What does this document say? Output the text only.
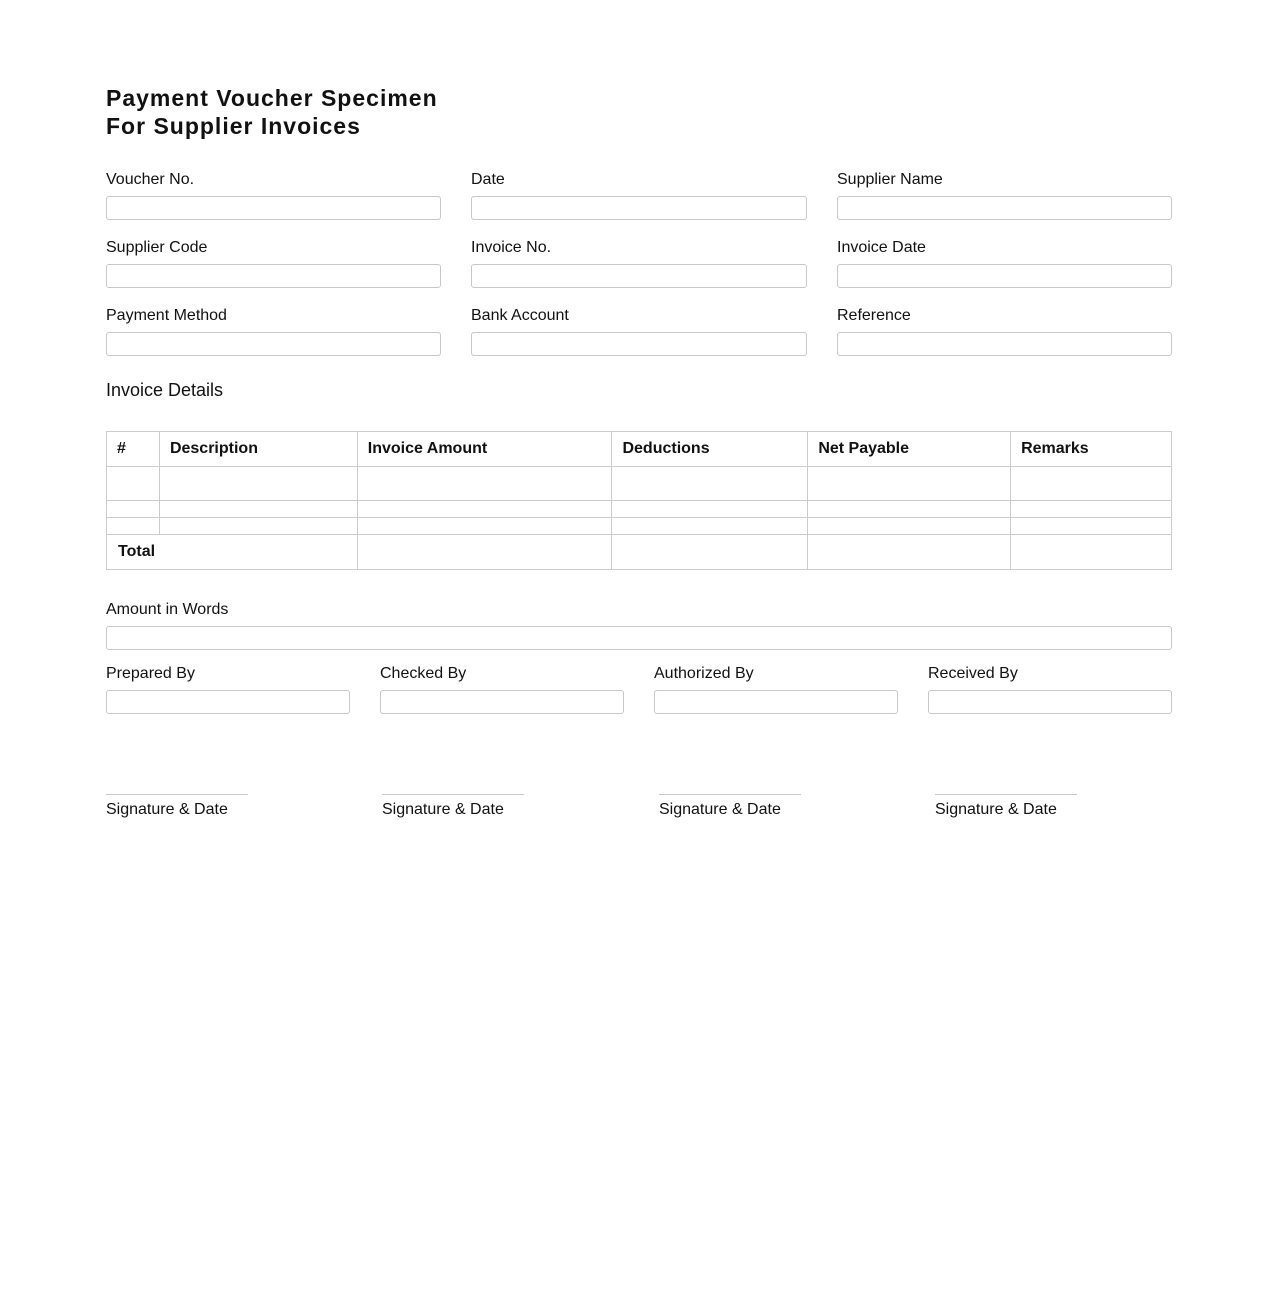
Payment Voucher Specimen
For Supplier Invoices
Voucher No.	Date	Supplier Name
Supplier Code	Invoice No.	Invoice Date
Payment Method	Bank Account	Reference
Invoice Details
#	Description	Invoice Amount	Deductions	Net Payable	Remarks

Total					
Amount in Words
Prepared By	Checked By	Authorized By	Received By
Signature & Date	Signature & Date	Signature & Date	Signature & Date
